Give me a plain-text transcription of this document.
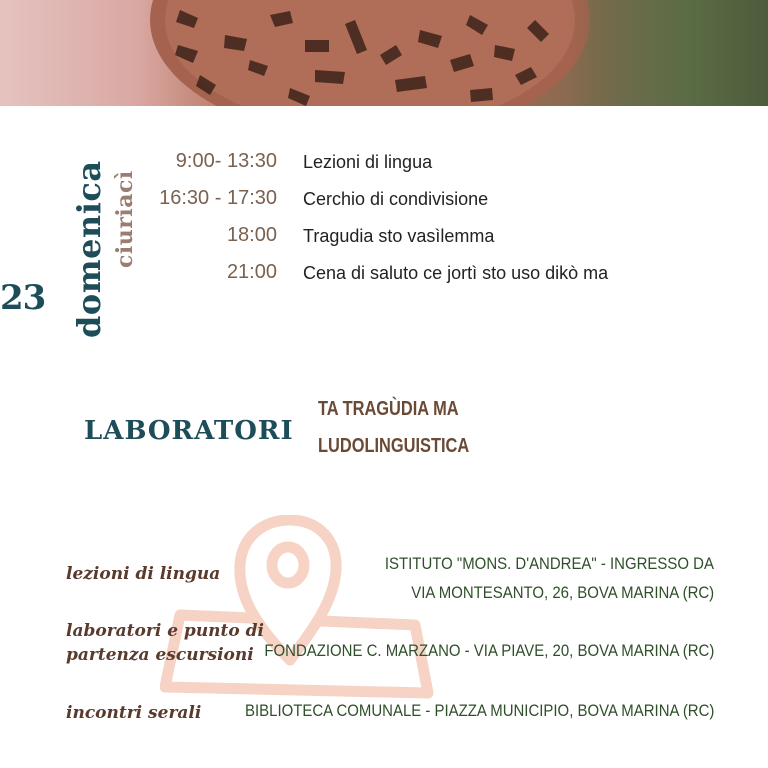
23 domenica ciuriacì
9:00- 13:30 Lezioni di lingua
16:30 - 17:30 Cerchio di condivisione
18:00 Tragudia sto vasìlemma
21:00 Cena di saluto ce jortì sto uso dikò ma
LABORATORI
TA TRAGÙDIA MA
LUDOLINGUISTICA
lezioni di lingua
ISTITUTO "MONS. D'ANDREA" - INGRESSO DA
VIA MONTESANTO, 26, BOVA MARINA (RC)
laboratori e punto di partenza escursioni FONDAZIONE C. MARZANO - VIA PIAVE, 20, BOVA MARINA (RC)
incontri serali	BIBLIOTECA COMUNALE - PIAZZA MUNICIPIO, BOVA MARINA (RC)
